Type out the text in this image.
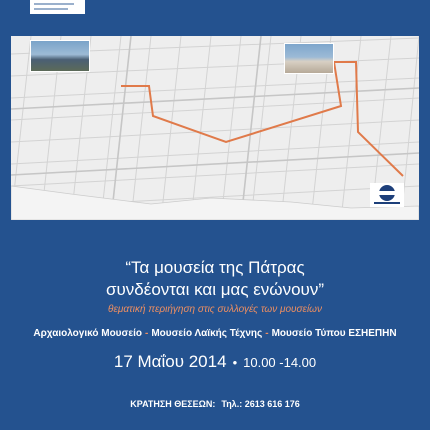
“Τα μουσεία της Πάτρας
συνδέονται και μας ενώνουν”
θεματική περιήγηση στις συλλογές των μουσείων
Αρχαιολογικό Μουσείο - Μουσείο Λαϊκής Τέχνης - Μουσείο Τύπου ΕΣΗΕΠΗΝ
17 Μαΐου 2014 • 10.00 -14.00
ΚΡΑΤΗΣΗ ΘΕΣΕΩΝ: Τηλ.: 2613 616 176
